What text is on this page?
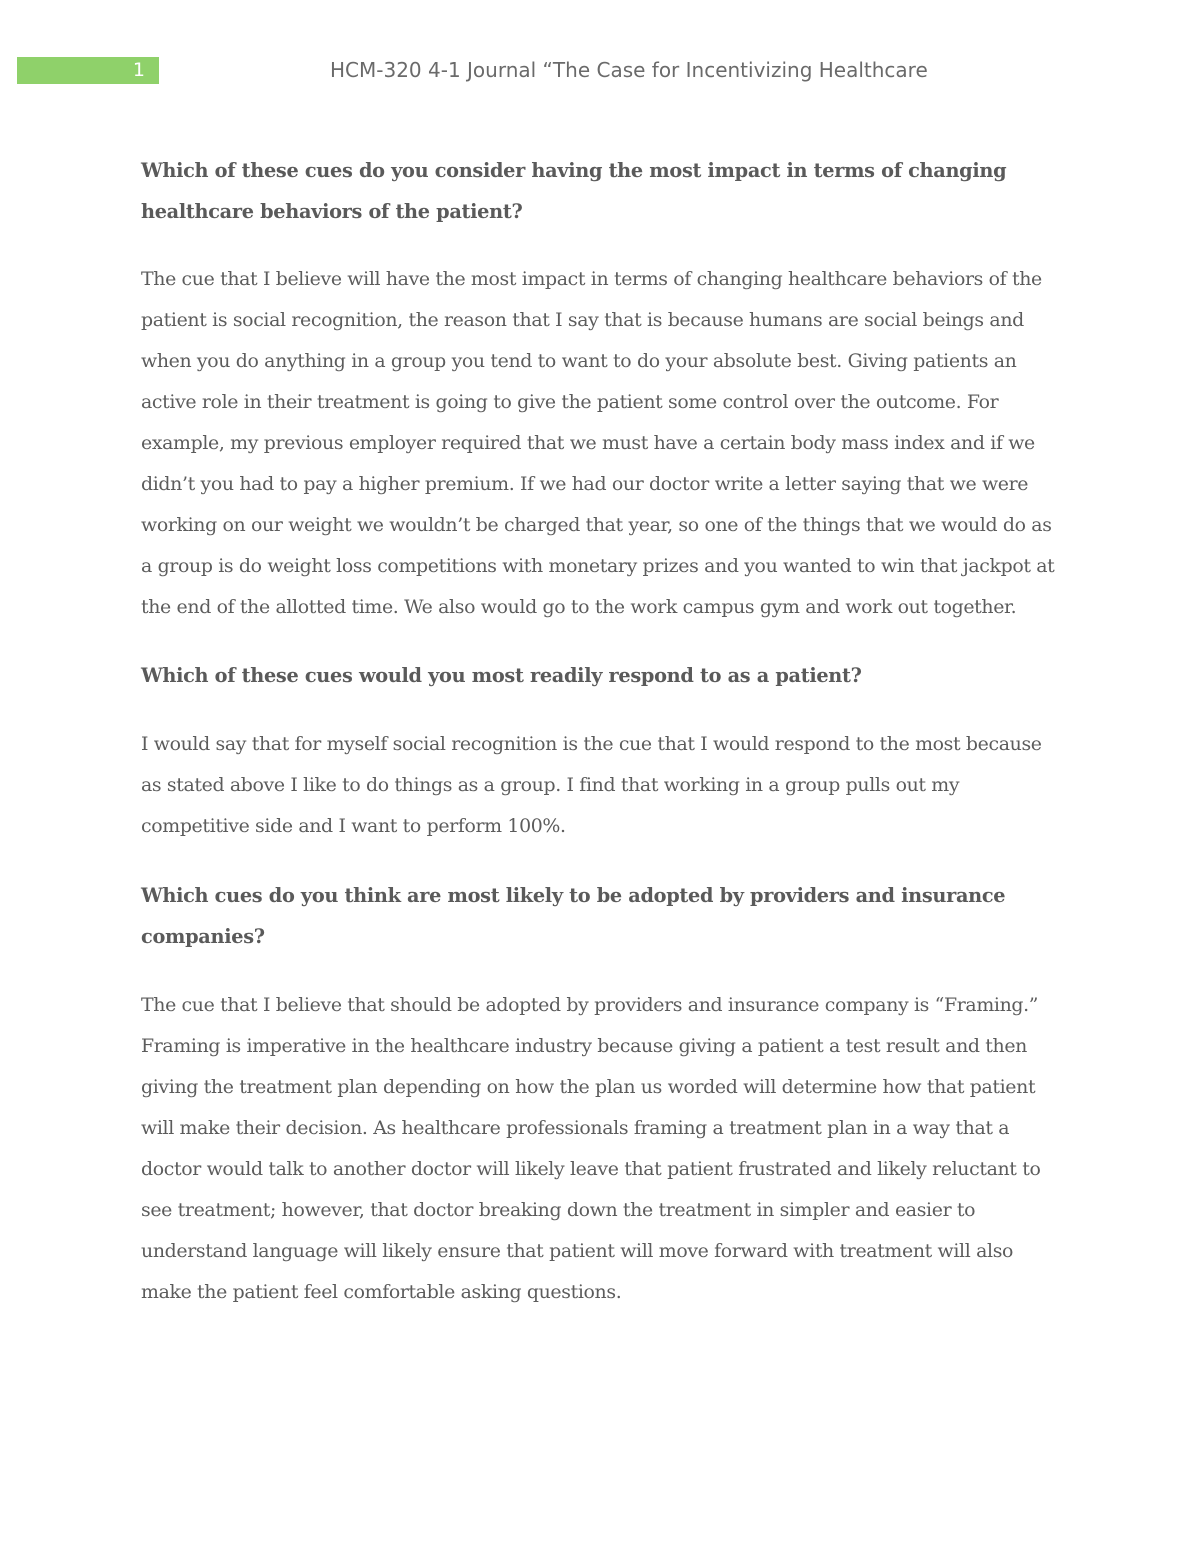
1	HCM-320 4-1 Journal “The Case for Incentivizing Healthcare

Which of these cues do you consider having the most impact in terms of changing healthcare behaviors of the patient?

The cue that I believe will have the most impact in terms of changing healthcare behaviors of the patient is social recognition, the reason that I say that is because humans are social beings and when you do anything in a group you tend to want to do your absolute best. Giving patients an active role in their treatment is going to give the patient some control over the outcome. For example, my previous employer required that we must have a certain body mass index and if we didn’t you had to pay a higher premium. If we had our doctor write a letter saying that we were working on our weight we wouldn’t be charged that year, so one of the things that we would do as a group is do weight loss competitions with monetary prizes and you wanted to win that jackpot at the end of the allotted time. We also would go to the work campus gym and work out together.

Which of these cues would you most readily respond to as a patient?

I would say that for myself social recognition is the cue that I would respond to the most because as stated above I like to do things as a group. I find that working in a group pulls out my competitive side and I want to perform 100%.

Which cues do you think are most likely to be adopted by providers and insurance companies?

The cue that I believe that should be adopted by providers and insurance company is “Framing.” Framing is imperative in the healthcare industry because giving a patient a test result and then giving the treatment plan depending on how the plan us worded will determine how that patient will make their decision. As healthcare professionals framing a treatment plan in a way that a doctor would talk to another doctor will likely leave that patient frustrated and likely reluctant to see treatment; however, that doctor breaking down the treatment in simpler and easier to understand language will likely ensure that patient will move forward with treatment will also make the patient feel comfortable asking questions.
